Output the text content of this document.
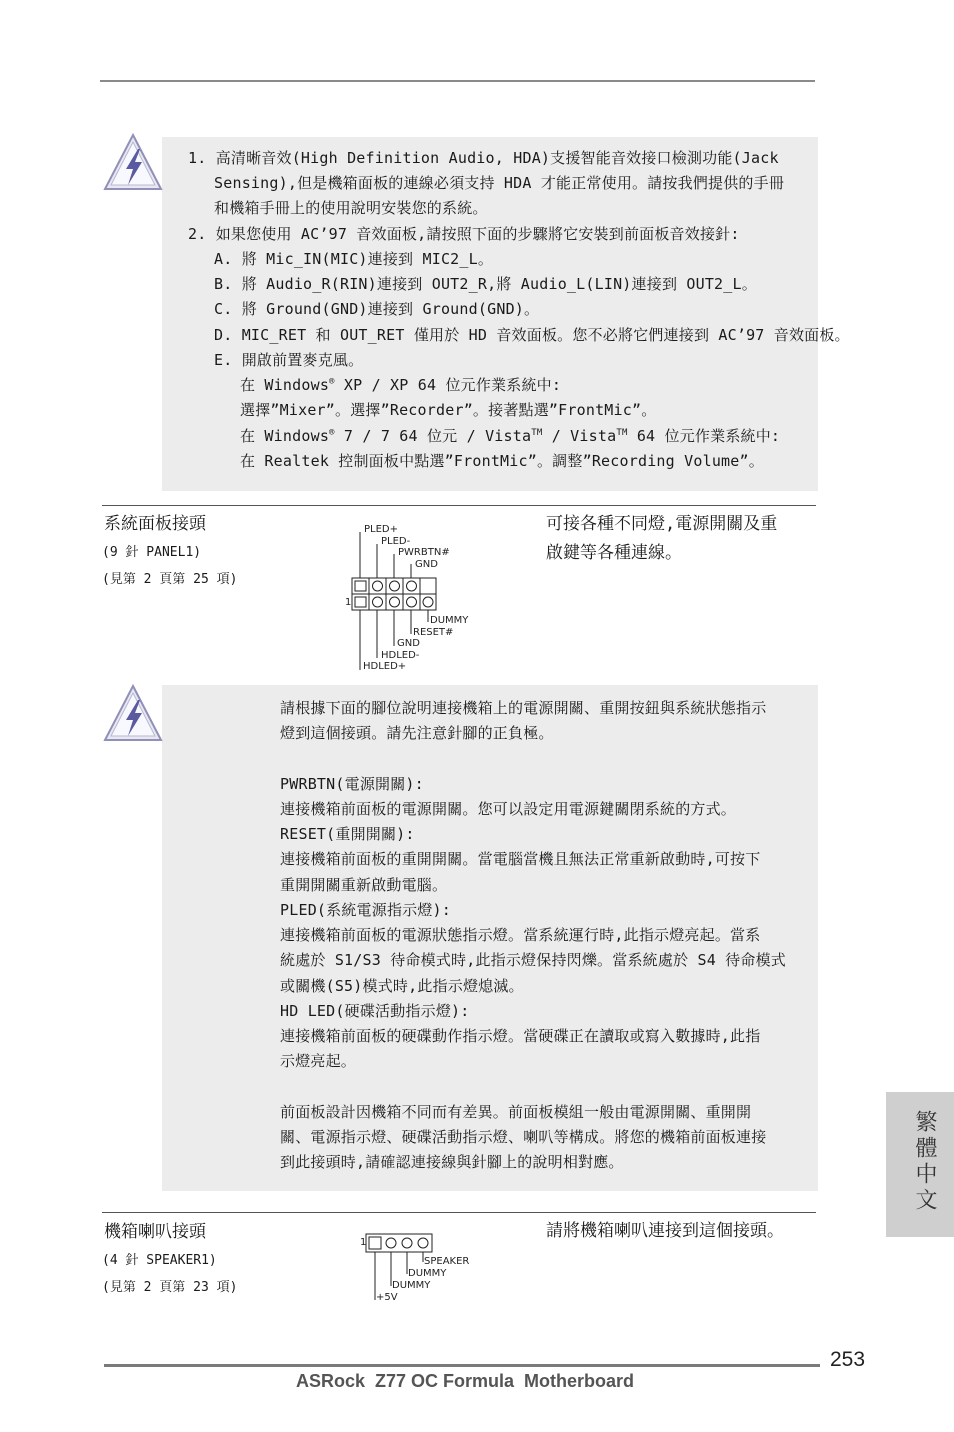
1. 高清晰音效(High Definition Audio, HDA)支援智能音效接口檢測功能(Jack
Sensing),但是機箱面板的連線必須支持 HDA 才能正常使用。請按我們提供的手冊
和機箱手冊上的使用說明安裝您的系統。
2. 如果您使用 AC’97 音效面板,請按照下面的步驟將它安裝到前面板音效接針:
A. 將 Mic_IN(MIC)連接到 MIC2_L。
B. 將 Audio_R(RIN)連接到 OUT2_R,將 Audio_L(LIN)連接到 OUT2_L。
C. 將 Ground(GND)連接到 Ground(GND)。
D. MIC_RET 和 OUT_RET 僅用於 HD 音效面板。您不必將它們連接到 AC’97 音效面板。
E. 開啟前置麥克風。
在 Windows® XP / XP 64 位元作業系統中:
選擇”Mixer”。選擇”Recorder”。接著點選”FrontMic”。
在 Windows® 7 / 7 64 位元 / Vista™ / Vista™ 64 位元作業系統中:
在 Realtek 控制面板中點選”FrontMic”。調整”Recording Volume”。
系統面板接頭
(9 針 PANEL1)
(見第 2 頁第 25 項)
可接各種不同燈,電源開關及重
啟鍵等各種連線。
PLED+
PLED-
PWRBTN#
GND
1
DUMMY
RESET#
GND
HDLED-
HDLED+
請根據下面的腳位說明連接機箱上的電源開關、重開按鈕與系統狀態指示
燈到這個接頭。請先注意針腳的正負極。
PWRBTN(電源開關):
連接機箱前面板的電源開關。您可以設定用電源鍵關閉系統的方式。
RESET(重開開關):
連接機箱前面板的重開開關。當電腦當機且無法正常重新啟動時,可按下
重開開關重新啟動電腦。
PLED(系統電源指示燈):
連接機箱前面板的電源狀態指示燈。當系統運行時,此指示燈亮起。當系
統處於 S1/S3 待命模式時,此指示燈保持閃爍。當系統處於 S4 待命模式
或關機(S5)模式時,此指示燈熄滅。
HD LED(硬碟活動指示燈):
連接機箱前面板的硬碟動作指示燈。當硬碟正在讀取或寫入數據時,此指
示燈亮起。
前面板設計因機箱不同而有差異。前面板模組一般由電源開關、重開開
關、電源指示燈、硬碟活動指示燈、喇叭等構成。將您的機箱前面板連接
到此接頭時,請確認連接線與針腳上的說明相對應。
機箱喇叭接頭
(4 針 SPEAKER1)
(見第 2 頁第 23 項)
請將機箱喇叭連接到這個接頭。
1
SPEAKER
DUMMY
DUMMY
+5V
繁體中文
253
ASRock  Z77 OC Formula  Motherboard
